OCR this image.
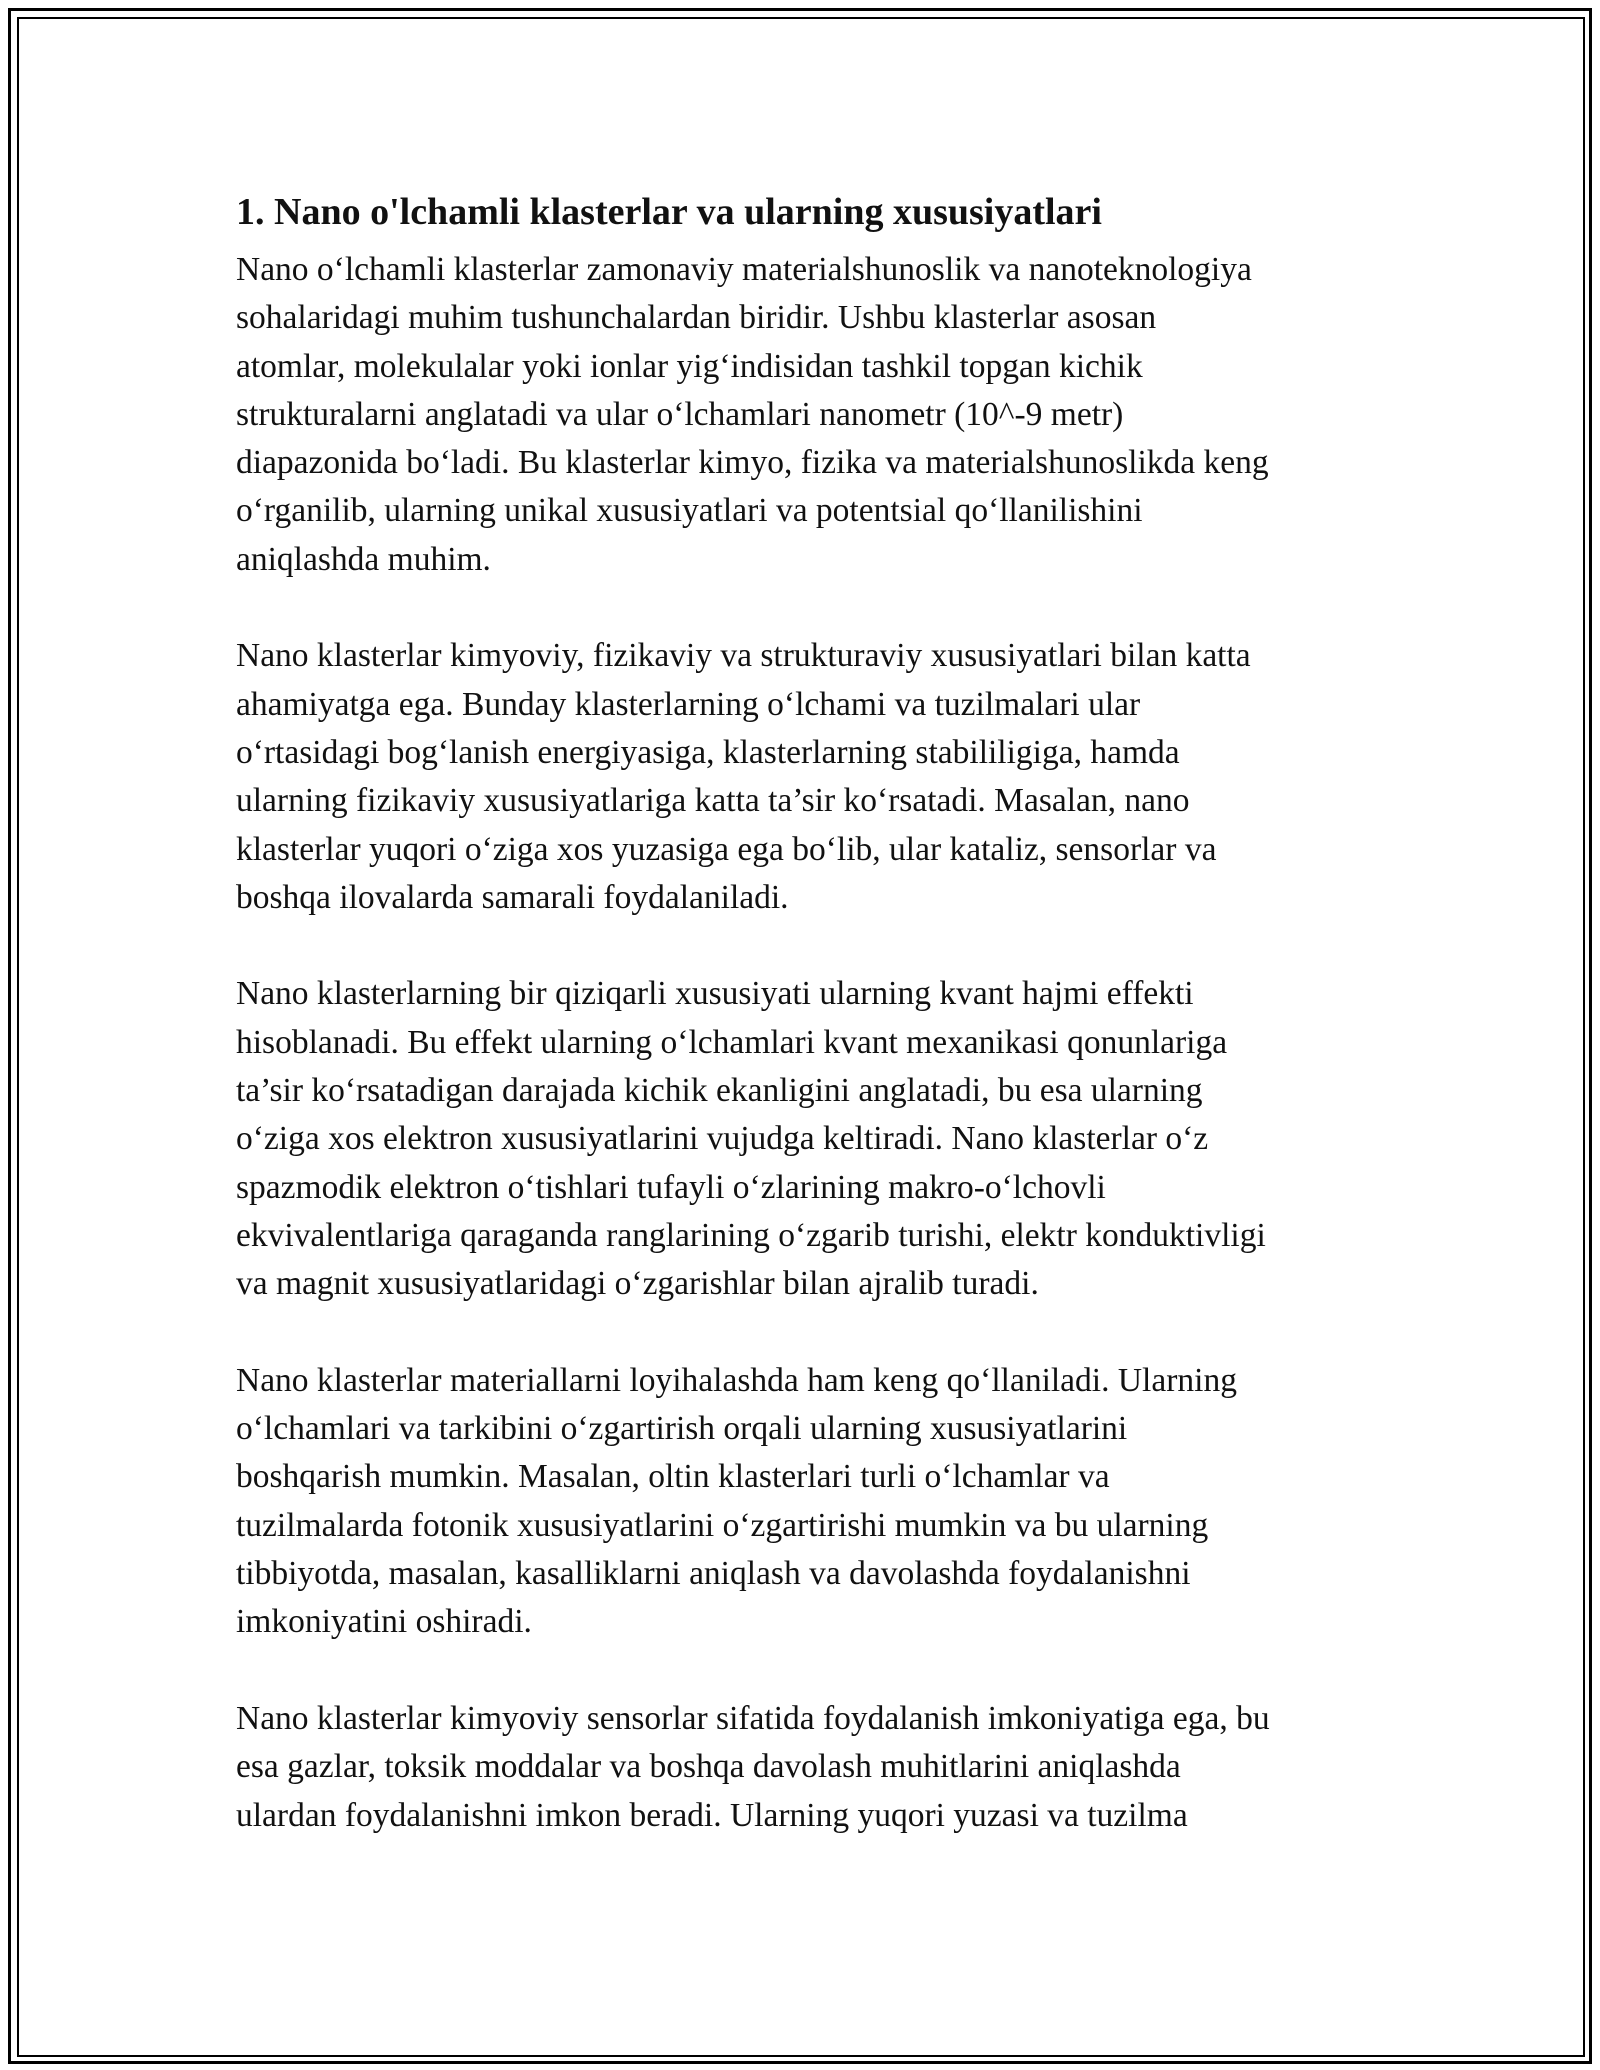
1. Nano o'lchamli klasterlar va ularning xususiyatlari

Nano o‘lchamli klasterlar zamonaviy materialshunoslik va nanoteknologiya
sohalaridagi muhim tushunchalardan biridir. Ushbu klasterlar asosan
atomlar, molekulalar yoki ionlar yig‘indisidan tashkil topgan kichik
strukturalarni anglatadi va ular o‘lchamlari nanometr (10^-9 metr)
diapazonida bo‘ladi. Bu klasterlar kimyo, fizika va materialshunoslikda keng
o‘rganilib, ularning unikal xususiyatlari va potentsial qo‘llanilishini
aniqlashda muhim.

Nano klasterlar kimyoviy, fizikaviy va strukturaviy xususiyatlari bilan katta
ahamiyatga ega. Bunday klasterlarning o‘lchami va tuzilmalari ular
o‘rtasidagi bog‘lanish energiyasiga, klasterlarning stabililigiga, hamda
ularning fizikaviy xususiyatlariga katta ta’sir ko‘rsatadi. Masalan, nano
klasterlar yuqori o‘ziga xos yuzasiga ega bo‘lib, ular kataliz, sensorlar va
boshqa ilovalarda samarali foydalaniladi.

Nano klasterlarning bir qiziqarli xususiyati ularning kvant hajmi effekti
hisoblanadi. Bu effekt ularning o‘lchamlari kvant mexanikasi qonunlariga
ta’sir ko‘rsatadigan darajada kichik ekanligini anglatadi, bu esa ularning
o‘ziga xos elektron xususiyatlarini vujudga keltiradi. Nano klasterlar o‘z
spazmodik elektron o‘tishlari tufayli o‘zlarining makro-o‘lchovli
ekvivalentlariga qaraganda ranglarining o‘zgarib turishi, elektr konduktivligi
va magnit xususiyatlaridagi o‘zgarishlar bilan ajralib turadi.

Nano klasterlar materiallarni loyihalashda ham keng qo‘llaniladi. Ularning
o‘lchamlari va tarkibini o‘zgartirish orqali ularning xususiyatlarini
boshqarish mumkin. Masalan, oltin klasterlari turli o‘lchamlar va
tuzilmalarda fotonik xususiyatlarini o‘zgartirishi mumkin va bu ularning
tibbiyotda, masalan, kasalliklarni aniqlash va davolashda foydalanishni
imkoniyatini oshiradi.

Nano klasterlar kimyoviy sensorlar sifatida foydalanish imkoniyatiga ega, bu
esa gazlar, toksik moddalar va boshqa davolash muhitlarini aniqlashda
ulardan foydalanishni imkon beradi. Ularning yuqori yuzasi va tuzilma
